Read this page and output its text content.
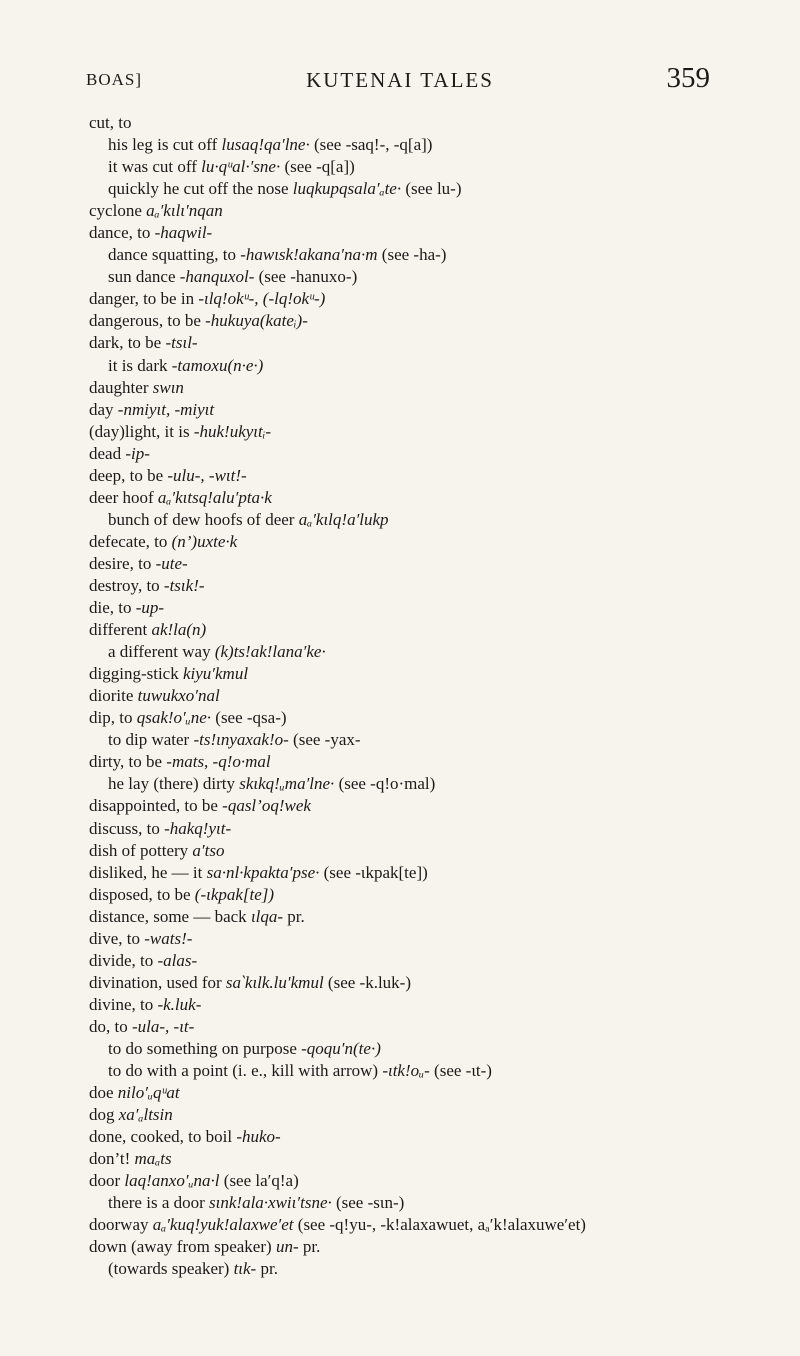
BOAS]	KUTENAI TALES	359
cut, to
his leg is cut off lusaq!qa′lne· (see -saq!-, -q[a])
it was cut off lu·qᵘal·′sne· (see -q[a])
quickly he cut off the nose luqkupqsala′ₐte· (see lu-)
cyclone aₐ′kɩlɩ′nqan
dance, to -haqwil-
dance squatting, to -hawɩsk!akana′na·m (see -ha-)
sun dance -hanquxol- (see -hanuxo-)
danger, to be in -ɩlq!okᵘ-, (-lq!okᵘ-)
dangerous, to be -hukuya(kateᵢ)-
dark, to be -tsɩl-
it is dark -tamoxu(n·e·)
daughter swɩn
day -nmiyɩt, -miyɩt
(day)light, it is -huk!ukyɩtᵢ-
dead -ip-
deep, to be -ulu-, -wɩt!-
deer hoof aₐ′kɩtsq!alu′pta·k
bunch of dew hoofs of deer aₐ′kɩlq!a′lukp
defecate, to (n’)uxte·k
desire, to -ute-
destroy, to -tsɩk!-
die, to -up-
different ak!la(n)
a different way (k)ts!ak!lana′ke·
digging-stick kiyu′kmul
diorite tuwukxo′nal
dip, to qsak!o′ᵤne· (see -qsa-)
to dip water -ts!ɩnyaxak!o- (see -yax-
dirty, to be -mats, -q!o·mal
he lay (there) dirty skɩkq!ᵤma′lne· (see -q!o·mal)
disappointed, to be -qasl’oq!wek
discuss, to -hakq!yɩt-
dish of pottery a′tso
disliked, he — it sa·nl·kpakta′pse· (see -ɩkpak[te])
disposed, to be (-ɩkpak[te])
distance, some — back ɩlqa- pr.
dive, to -wats!-
divide, to -alas-
divination, used for sa‵kɩlk.lu′kmul (see -k.luk-)
divine, to -k.luk-
do, to -ula-, -ɩt-
to do something on purpose -qoqu′n(te·)
to do with a point (i. e., kill with arrow) -ɩtk!oᵤ- (see -ɩt-)
doe nilo′ᵤqᵘat
dog xa′ₐltsin
done, cooked, to boil -huko-
don’t! maₐts
door laq!anxo′ᵤna·l (see la′q!a)
there is a door sɩnk!ala·xwiɩ′tsne· (see -sɩn-)
doorway aₐ′kuq!yuk!alaxwe′et (see -q!yu-, -k!alaxawuet, aₐ′k!alaxuwe′et)
down (away from speaker) un- pr.
(towards speaker) tɩk- pr.
